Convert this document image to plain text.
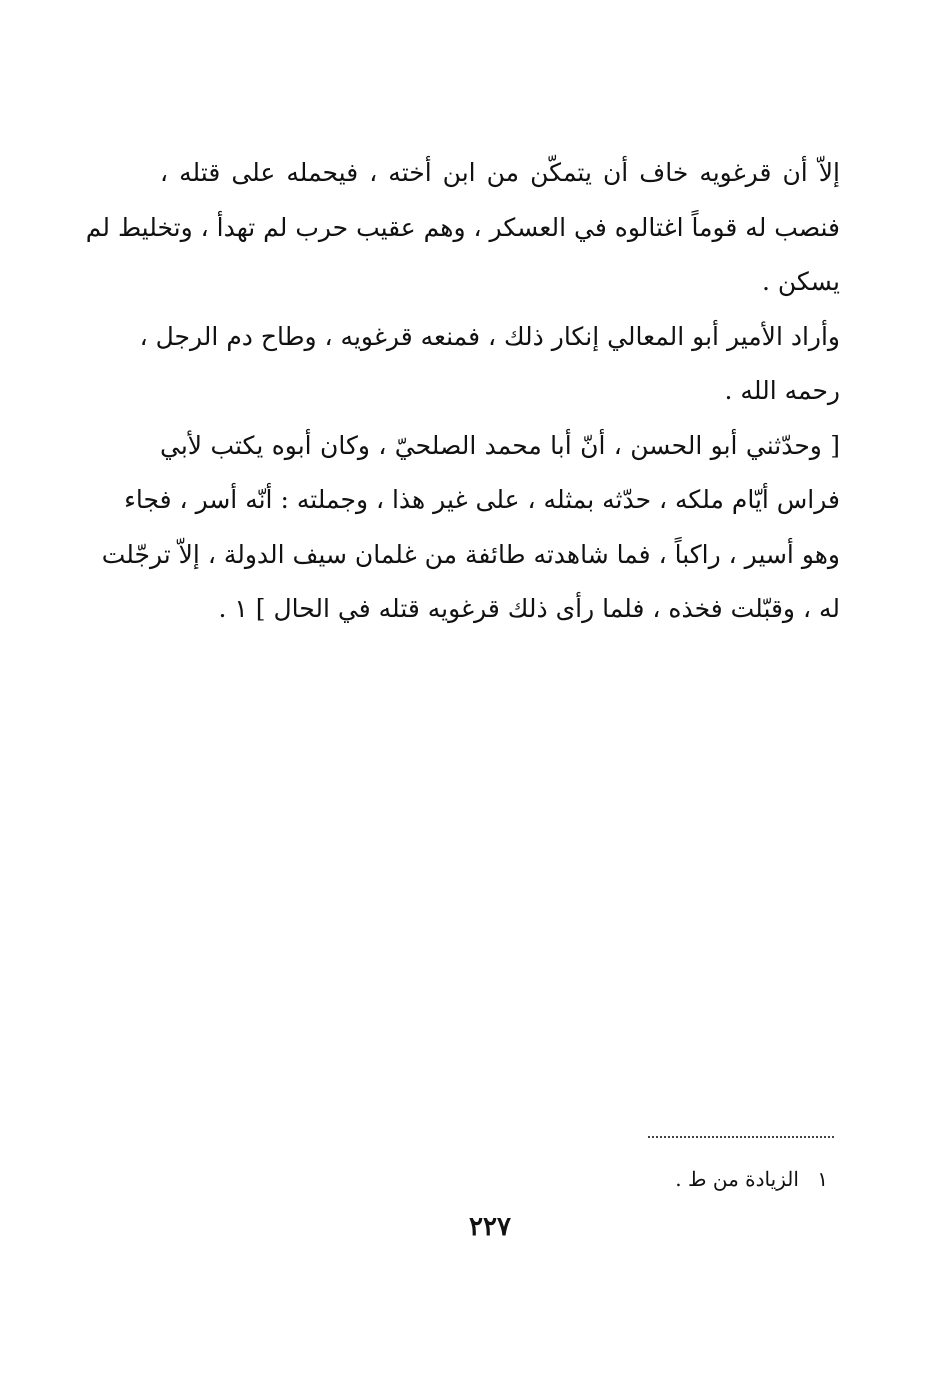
إلاّ أن قرغويه خاف أن يتمكّن من ابن أخته ، فيحمله على قتله ،
فنصب له قوماً اغتالوه في العسكر ، وهم عقيب حرب لم تهدأ ، وتخليط لم
يسكن .
وأراد الأمير أبو المعالي إنكار ذلك ، فمنعه قرغويه ، وطاح دم الرجل ،
رحمه الله .
[ وحدّثني أبو الحسن ، أنّ أبا محمد الصلحيّ ، وكان أبوه يكتب لأبي
فراس أيّام ملكه ، حدّثه بمثله ، على غير هذا ، وجملته : أنّه أسر ، فجاء
وهو أسير ، راكباً ، فما شاهدته طائفة من غلمان سيف الدولة ، إلاّ ترجّلت
له ، وقبّلت فخذه ، فلما رأى ذلك قرغويه قتله في الحال ] ١ .
١ الزيادة من ط .
٢٢٧
